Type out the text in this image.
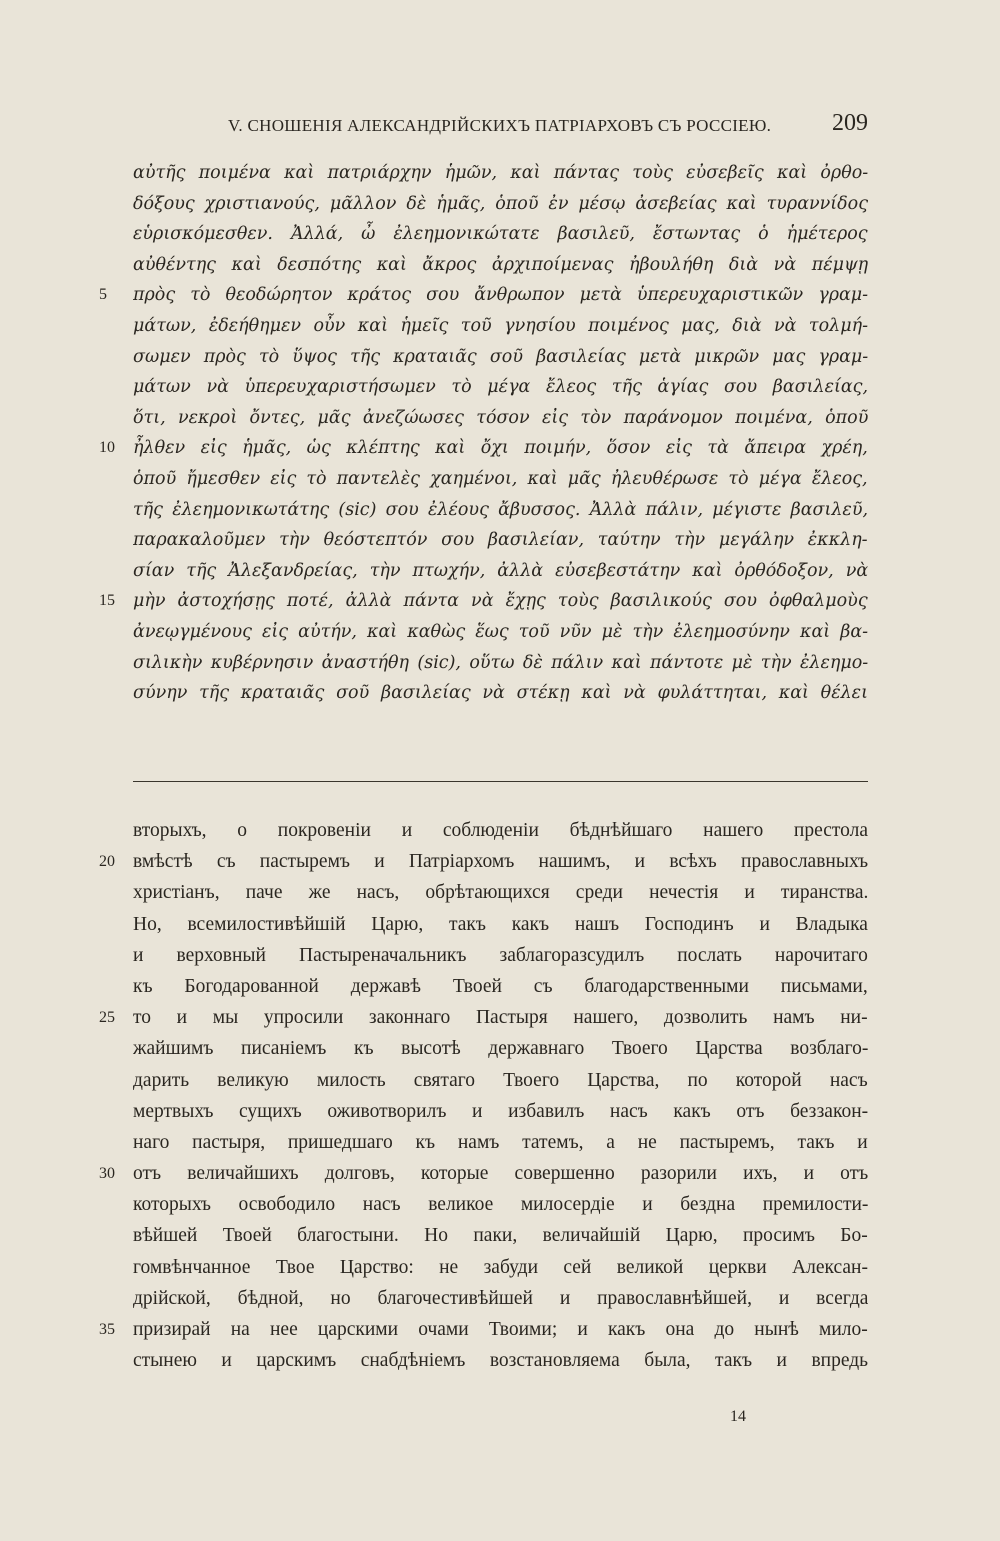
V. СНОШЕНІЯ АЛЕКСАНДРІЙСКИХЪ ПАТРІАРХОВЪ СЪ РОССІЕЮ.	209
αὐτῆς ποιμένα καὶ πατριάρχην ἡμῶν, καὶ πάντας τοὺς εὐσεβεῖς καὶ ὀρθο-
δόξους χριστιανούς, μᾶλλον δὲ ἡμᾶς, ὁποῦ ἐν μέσῳ ἀσεβείας καὶ τυραννίδος
εὑρισκόμεσθεν. Ἀλλά, ὦ ἐλεημονικώτατε βασιλεῦ, ἔστωντας ὁ ἡμέτερος
αὐθέντης καὶ δεσπότης καὶ ἄκρος ἀρχιποίμενας ἠβουλήθη διὰ νὰ πέμψῃ
5	πρὸς τὸ θεοδώρητον κράτος σου ἄνθρωπον μετὰ ὑπερευχαριστικῶν γραμ-
μάτων, ἐδεήθημεν οὖν καὶ ἡμεῖς τοῦ γνησίου ποιμένος μας, διὰ νὰ τολμή-
σωμεν πρὸς τὸ ὕψος τῆς κραταιᾶς σοῦ βασιλείας μετὰ μικρῶν μας γραμ-
μάτων νὰ ὑπερευχαριστήσωμεν τὸ μέγα ἔλεος τῆς ἁγίας σου βασιλείας,
ὅτι, νεκροὶ ὄντες, μᾶς ἀνεζώωσες τόσον εἰς τὸν παράνομον ποιμένα, ὁποῦ
10	ἦλθεν εἰς ἡμᾶς, ὡς κλέπτης καὶ ὄχι ποιμήν, ὅσον εἰς τὰ ἄπειρα χρέη,
ὁποῦ ἤμεσθεν εἰς τὸ παντελὲς χαημένοι, καὶ μᾶς ἠλευθέρωσε τὸ μέγα ἔλεος,
τῆς ἐλεημονικωτάτης (sic) σου ἐλέους ἄβυσσος. Ἀλλὰ πάλιν, μέγιστε βασιλεῦ,
παρακαλοῦμεν τὴν θεόστεπτόν σου βασιλείαν, ταύτην τὴν μεγάλην ἐκκλη-
σίαν τῆς Ἀλεξανδρείας, τὴν πτωχήν, ἀλλὰ εὐσεβεστάτην καὶ ὀρθόδοξον, νὰ
15	μὴν ἀστοχήσῃς ποτέ, ἀλλὰ πάντα νὰ ἔχῃς τοὺς βασιλικούς σου ὀφθαλμοὺς
ἀνεῳγμένους εἰς αὐτήν, καὶ καθὼς ἕως τοῦ νῦν μὲ τὴν ἐλεημοσύνην καὶ βα-
σιλικὴν κυβέρνησιν ἀναστήθη (sic), οὕτω δὲ πάλιν καὶ πάντοτε μὲ τὴν ἐλεημο-
σύνην τῆς κραταιᾶς σοῦ βασιλείας νὰ στέκῃ καὶ νὰ φυλάττηται, καὶ θέλει
вторыхъ, о покровеніи и соблюденіи бѣднѣйшаго нашего престола
20 вмѣстѣ съ пастыремъ и Патріархомъ нашимъ, и всѣхъ православныхъ
христіанъ, паче же насъ, обрѣтающихся среди нечестія и тиранства.
Но, всемилостивѣйшій Царю, такъ какъ нашъ Господинъ и Владыка
и верховный Пастыреначальникъ заблагоразсудилъ послать нарочитаго
къ Богодарованной державѣ Твоей съ благодарственными письмами,
25 то и мы упросили законнаго Пастыря нашего, дозволить намъ ни-
жайшимъ писаніемъ къ высотѣ державнаго Твоего Царства возблаго-
дарить великую милость святаго Твоего Царства, по которой насъ
мертвыхъ сущихъ оживотворилъ и избавилъ насъ какъ отъ беззакон-
наго пастыря, пришедшаго къ намъ татемъ, а не пастыремъ, такъ и
30 отъ величайшихъ долговъ, которые совершенно разорили ихъ, и отъ
которыхъ освободило насъ великое милосердіе и бездна премилости-
вѣйшей Твоей благостыни. Но паки, величайшій Царю, просимъ Бо-
гомвѣнчанное Твое Царство: не забуди сей великой церкви Алексан-
дрійской, бѣдной, но благочестивѣйшей и православнѣйшей, и всегда
35 призирай на нее царскими очами Твоими; и какъ она до нынѣ мило-
стынею и царскимъ снабдѣніемъ возстановляема была, такъ и впредь
14
